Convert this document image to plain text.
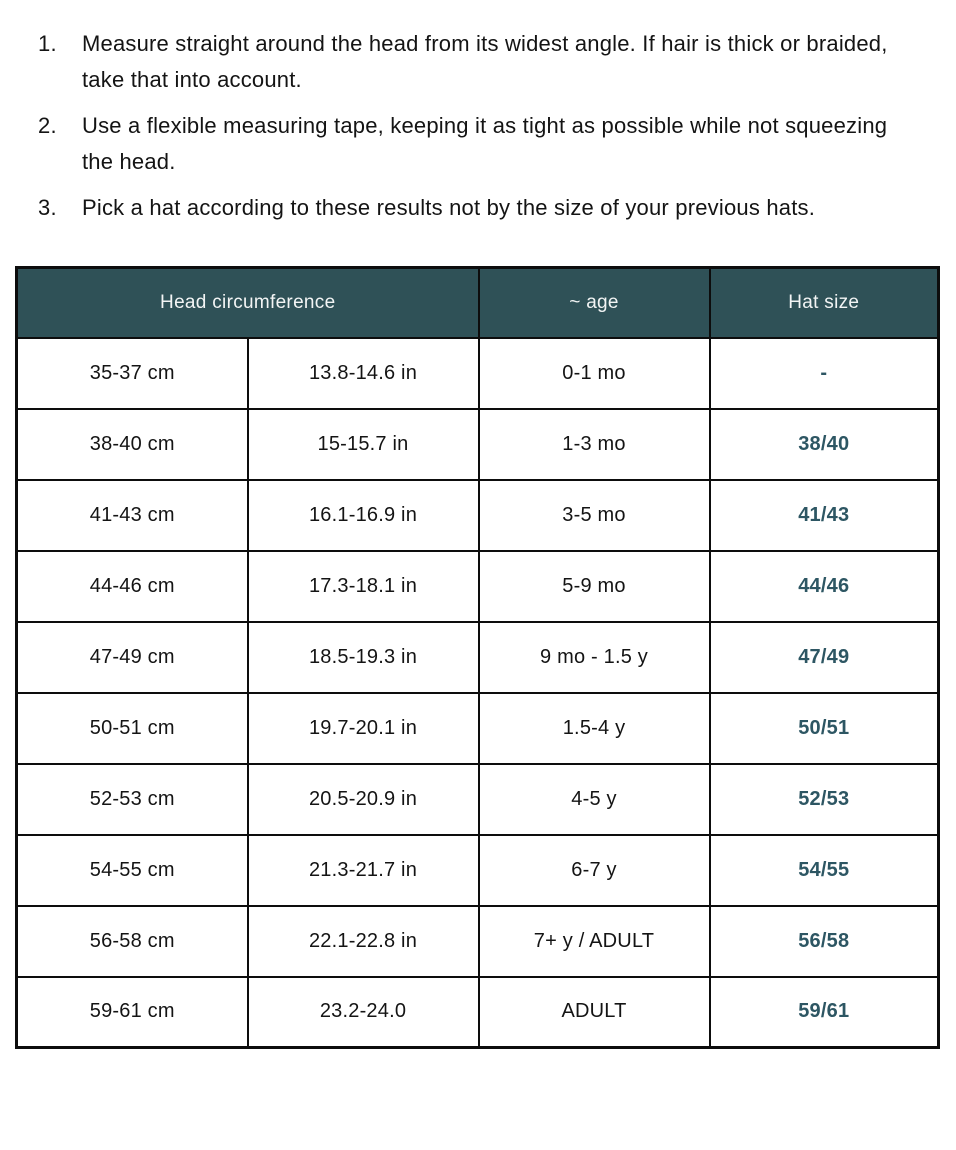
Measure straight around the head from its widest angle. If hair is thick or braided, take that into account.
Use a flexible measuring tape, keeping it as tight as possible while not squeezing the head.
Pick a hat according to these results not by the size of your previous hats.
Head circumference		~ age	Hat size
35-37 cm	13.8-14.6 in	0-1 mo	-
38-40 cm	15-15.7 in	1-3 mo	38/40
41-43 cm	16.1-16.9 in	3-5 mo	41/43
44-46 cm	17.3-18.1 in	5-9 mo	44/46
47-49 cm	18.5-19.3 in	9 mo - 1.5 y	47/49
50-51 cm	19.7-20.1 in	1.5-4 y	50/51
52-53 cm	20.5-20.9 in	4-5 y	52/53
54-55 cm	21.3-21.7 in	6-7 y	54/55
56-58 cm	22.1-22.8 in	7+ y / ADULT	56/58
59-61 cm	23.2-24.0	ADULT	59/61
